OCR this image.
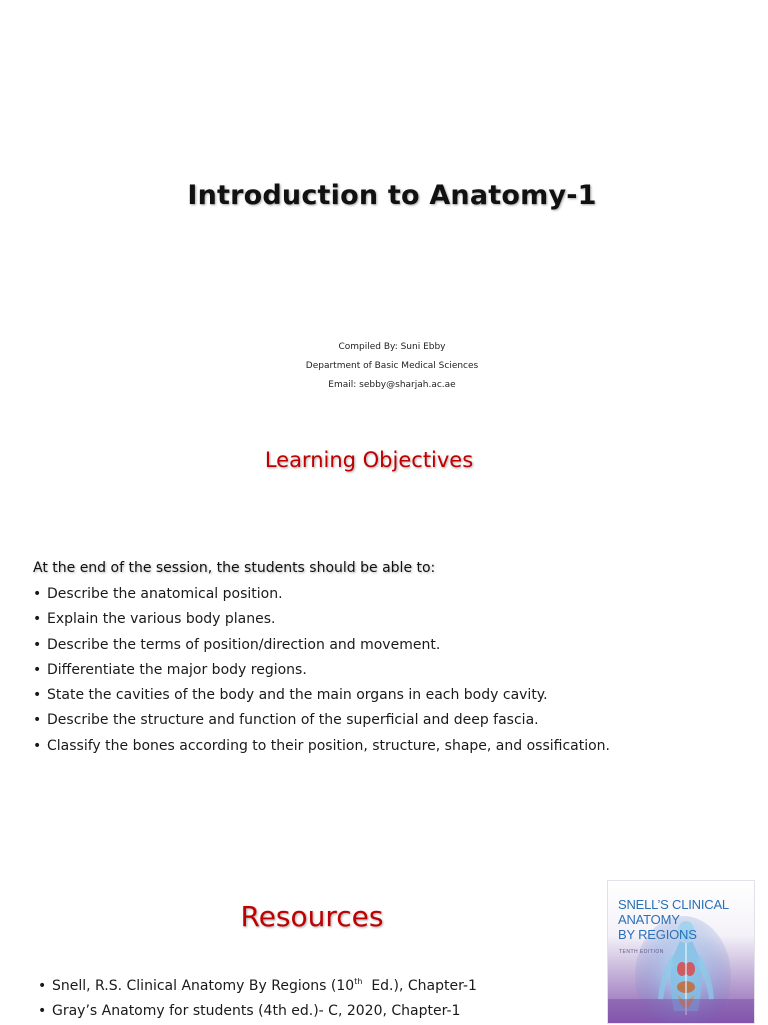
Introduction to Anatomy-1
Compiled By: Suni Ebby
Department of Basic Medical Sciences
Email: sebby@sharjah.ac.ae
Learning Objectives
At the end of the session, the students should be able to:
• Describe the anatomical position.
• Explain the various body planes.
• Describe the terms of position/direction and movement.
• Differentiate the major body regions.
• State the cavities of the body and the main organs in each body cavity.
• Describe the structure and function of the superficial and deep fascia.
• Classify the bones according to their position, structure, shape, and ossification.
Resources
• Snell, R.S. Clinical Anatomy By Regions (10th  Ed.), Chapter-1
• Gray’s Anatomy for students (4th ed.)- C, 2020, Chapter-1
SNELL’S CLINICAL
ANATOMY
BY REGIONS
TENTH EDITION
